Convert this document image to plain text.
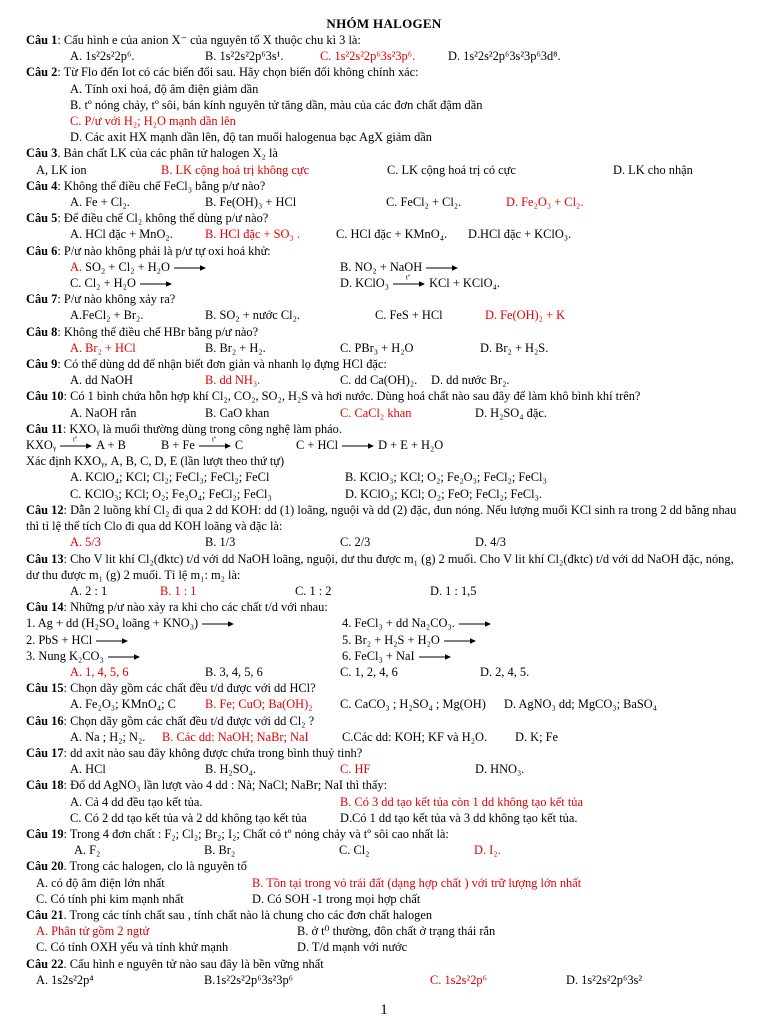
NHÓM HALOGEN
Câu 1: Cấu hình e của anion X⁻ của nguyên tố X thuộc chu kì 3 là:
A. 1s²2s²2p⁶.	B. 1s²2s²2p⁶3s¹.	C. 1s²2s²2p⁶3s²3p⁶.	D. 1s²2s²2p⁶3s²3p⁶3d⁸.
Câu 2: Từ Flo đến Iot có các biến đổi sau. Hãy chọn biến đổi không chính xác:
A. Tính oxi hoá, độ âm điện giảm dần
B. tº nóng chảy, tº sôi, bán kính nguyên tử tăng dần, màu của các đơn chất đậm dần
C. P/ư với H₂; H₂O mạnh dần lên
D. Các axit HX mạnh dần lên, độ tan muối halogenua bạc AgX giảm dần
Câu 3. Bản chất LK của các phân tử halogen X₂ là
A, LK ion	B. LK cộng hoá trị không cực	C. LK cộng hoá trị có cực	D. LK cho nhận
Câu 4: Không thể điều chế FeCl₃ bằng p/ư nào?
A. Fe + Cl₂.	B. Fe(OH)₃ + HCl	C. FeCl₂ + Cl₂.	D. Fe₂O₃ + Cl₂.
Câu 5: Để điều chế Cl₂ không thể dùng p/ư nào?
A. HCl đặc + MnO₂.	B. HCl đặc + SO₃ .	C. HCl đặc + KMnO₄.	D.HCl đặc + KClO₃.
Câu 6: P/ư nào không phải là p/ư tự oxi hoá khử:
A. SO₂ + Cl₂ + H₂O →	B. NO₂ + NaOH →
C. Cl₂ + H₂O →	D. KClO₃ tº KCl + KClO₄.
Câu 7: P/ư nào không xảy ra?
A.FeCl₂ + Br₂.	B. SO₂ + nước Cl₂.	C. FeS + HCl	D. Fe(OH)₂ + K
Câu 8: Không thể điều chế HBr bằng p/ư nào?
A. Br₂ + HCl	B. Br₂ + H₂.	C. PBr₃ + H₂O	D. Br₂ + H₂S.
Câu 9: Có thể dùng dd để nhận biết đơn giản và nhanh lọ đựng HCl đặc:
A. dd NaOH	B. dd NH₃.	C. dd Ca(OH)₂.	D. dd nước Br₂.
Câu 10: Có 1 bình chứa hỗn hợp khí Cl₂, CO₂, SO₂, H₂S và hơi nước. Dùng hoá chất nào sau đây để làm khô bình khí trên?
A. NaOH rắn	B. CaO khan	C. CaCl₂ khan	D. H₂SO₄ đặc.
Câu 11: KXOᵧ là muối thường dùng trong công nghệ làm pháo.
KXOᵧ tº A + B	B + Fe tº C	C + HCl → D + E + H₂O
Xác định KXOᵧ, A, B, C, D, E (lần lượt theo thứ tự)
A. KClO₄; KCl; Cl₂; FeCl₃; FeCl₂; FeCl	B. KClO₃; KCl; O₂; Fe₂O₃; FeCl₂; FeCl₃
C. KClO₃; KCl; O₂; Fe₃O₄; FeCl₂; FeCl₃	D. KClO₃; KCl; O₂; FeO; FeCl₂; FeCl₃.
Câu 12: Dẫn 2 luồng khí Cl₂ đi qua 2 dd KOH: dd (1) loãng, nguội và dd (2) đặc, đun nóng. Nếu lượng muối KCl sinh ra trong 2 dd bằng nhau thì tỉ lệ thể tích Clo đi qua dd KOH loãng và đặc là:
A. 5/3	B. 1/3	C. 2/3	D. 4/3
Câu 13: Cho V lit khí Cl₂(đktc) t/d với dd NaOH loãng, nguội, dư thu được m₁ (g) 2 muối. Cho V lit khí Cl₂(đktc) t/d với dd NaOH đặc, nóng, dư thu được m₁ (g) 2 muối. Tỉ lệ m₁: m₂ là:
A. 2 : 1	B. 1 : 1	C. 1 : 2	D. 1 : 1,5
Câu 14: Những p/ư nào xảy ra khi cho các chất t/d với nhau:
1. Ag + dd (H₂SO₄ loãng + KNO₃) →	4. FeCl₃ + dd Na₂CO₃. →
2. PbS + HCl →	5. Br₂ + H₂S + H₂O →
3. Nung K₂CO₃ →	6. FeCl₃ + NaI →
A. 1, 4, 5, 6	B. 3, 4, 5, 6	C. 1, 2, 4, 6	D. 2, 4, 5.
Câu 15: Chọn dãy gồm các chất đều t/d được với dd HCl?
A. Fe₂O₃; KMnO₄; C	B. Fe; CuO; Ba(OH)₂	C. CaCO₃ ; H₂SO₄ ; Mg(OH)	D. AgNO₃ dd; MgCO₃; BaSO₄
Câu 16: Chọn dãy gồm các chất đều t/d được với dd Cl₂ ?
A. Na ; H₂; N₂.	B. Các dd: NaOH; NaBr; NaI	C.Các dd: KOH; KF và H₂O.	D. K; Fe
Câu 17: dd axit nào sau đây không được chứa trong bình thuỷ tinh?
A. HCl	B. H₂SO₄.	C. HF	D. HNO₃.
Câu 18: Đổ dd AgNO₃ lần lượt vào 4 dd : Nà; NaCl; NaBr; NaI thì thấy:
A. Cả 4 dd đều tạo kết tủa.	B. Có 3 dd tạo kết tủa còn 1 dd không tạo kết tủa
C. Có 2 dd tạo kết tủa và 2 dd không tạo kết tủa	D.Có 1 dd tạo kết tủa và 3 dd không tạo kết tủa.
Câu 19: Trong 4 đơn chất : F₂; Cl₂; Br₂; I₂; Chất có tº nóng chảy và tº sôi cao nhất là:
A. F₂	B. Br₂	C. Cl₂	D. I₂.
Câu 20. Trong các halogen, clo là nguyên tố
A. có độ âm điện lớn nhất	B. Tồn tại trong vỏ trái đất (dạng hợp chất ) với trữ lượng lớn nhất
C. Có tính phi kim mạnh nhất	D. Có SOH -1 trong mọi hợp chất
Câu 21. Trong các tính chất sau , tính chất nào là chung cho các đơn chất halogen
A. Phân tử gồm 2 ngtử	B. ở t⁰ thường, đôn chất ở trạng thái rắn
C. Có tính OXH yếu và tính khử mạnh	D. T/d mạnh với nước
Câu 22. Cấu hình e nguyên tử nào sau đây là bền vững nhất
A. 1s2s²2p⁴	B.1s²2s²2p⁶3s²3p⁶	C. 1s2s²2p⁶	D. 1s²2s²2p⁶3s²
1
